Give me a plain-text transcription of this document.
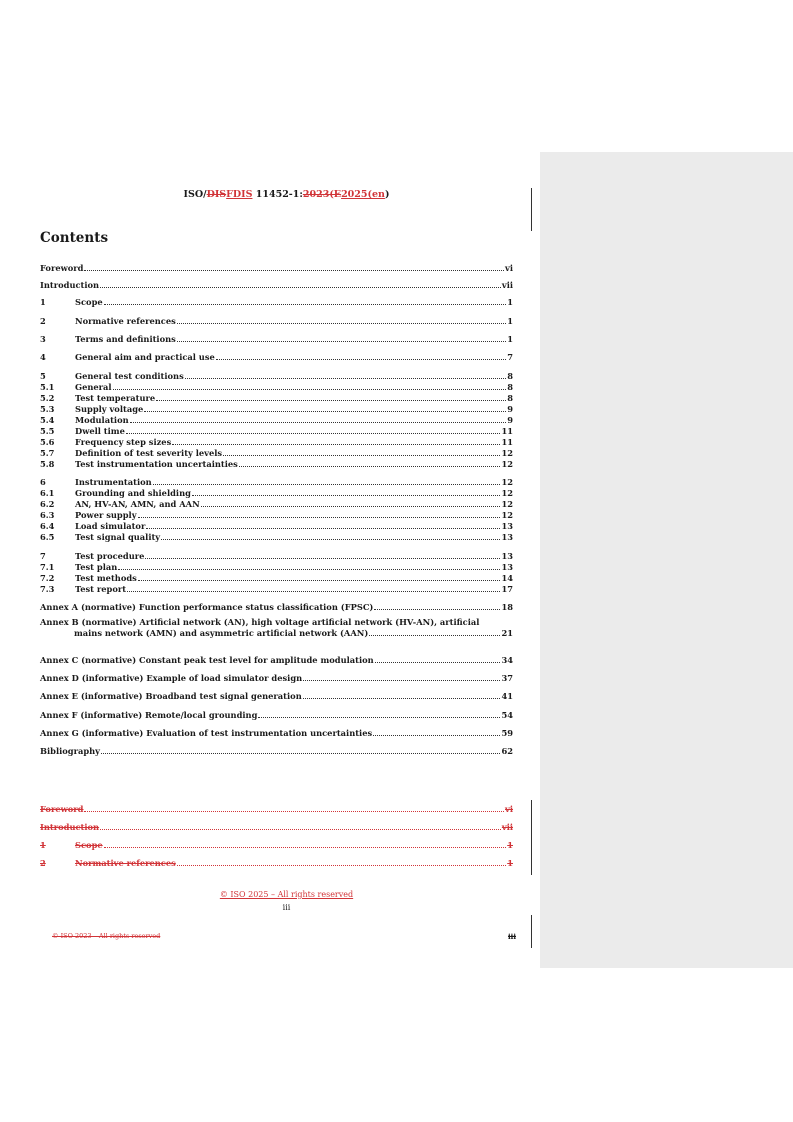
ISO/DISFDIS 11452-1:2023(E2025(en)
Contents
Foreword	vi
Introduction	vii
1	Scope	1
2	Normative references	1
3	Terms and definitions	1
4	General aim and practical use	7
5	General test conditions	8
5.1	General	8
5.2	Test temperature	8
5.3	Supply voltage	9
5.4	Modulation	9
5.5	Dwell time	11
5.6	Frequency step sizes	11
5.7	Definition of test severity levels	12
5.8	Test instrumentation uncertainties	12
6	Instrumentation	12
6.1	Grounding and shielding	12
6.2	AN, HV-AN, AMN, and AAN	12
6.3	Power supply	12
6.4	Load simulator	13
6.5	Test signal quality	13
7	Test procedure	13
7.1	Test plan	13
7.2	Test methods	14
7.3	Test report	17
Annex A (normative) Function performance status classification (FPSC)	18
Annex B (normative) Artificial network (AN), high voltage artificial network (HV-AN), artificial
mains network (AMN) and asymmetric artificial network (AAN)	21
Annex C (normative) Constant peak test level for amplitude modulation	34
Annex D (informative) Example of load simulator design	37
Annex E (informative) Broadband test signal generation	41
Annex F (informative) Remote/local grounding	54
Annex G (informative) Evaluation of test instrumentation uncertainties	59
Bibliography	62
Foreword	vi
Introduction	vii
1	Scope	1
2	Normative references	1
© ISO 2025 – All rights reserved
iii
© ISO 2023 – All rights reserved	iii
